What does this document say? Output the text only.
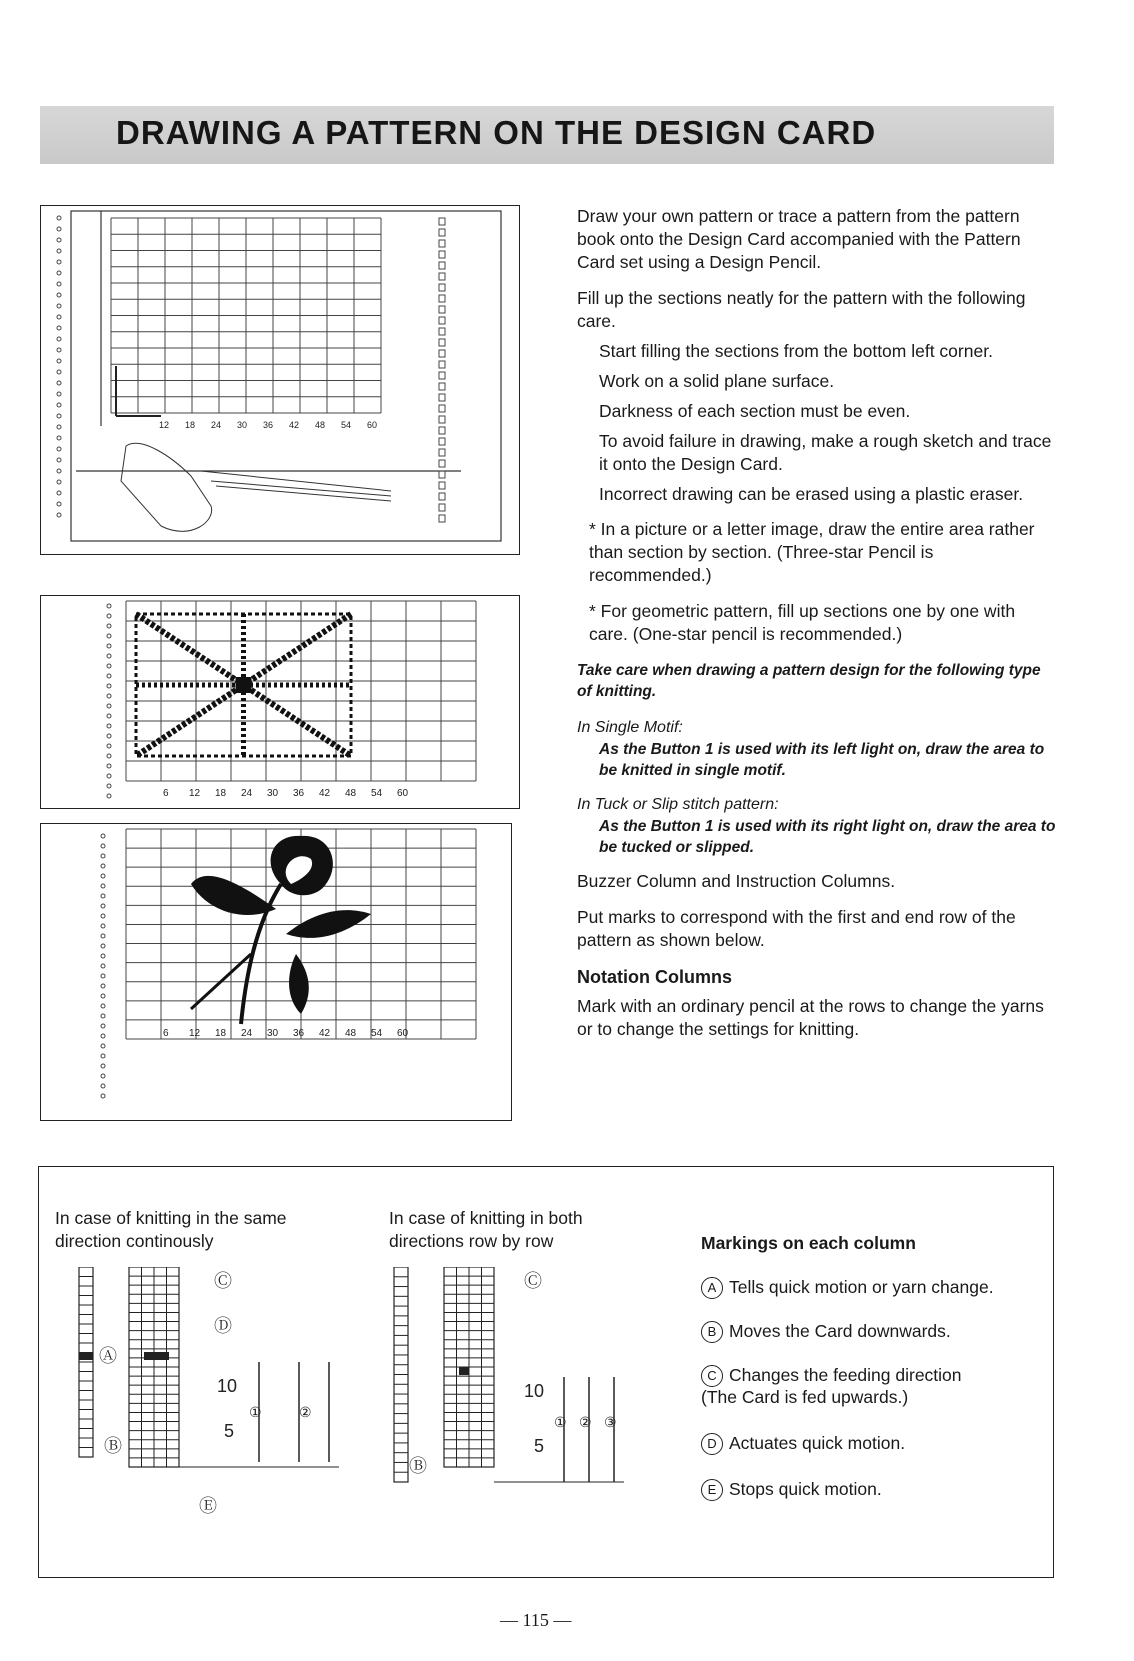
DRAWING A PATTERN ON THE DESIGN CARD
12 18 24 30 36 42 48 54 60
6 12 18 24 30 36 42 48 54 60
6 12 18 24 30 36 42 48 54 60

Draw your own pattern or trace a pattern from the pattern book onto the Design Card accompanied with the Pattern Card set using a Design Pencil.

Fill up the sections neatly for the pattern with the following care.

Start filling the sections from the bottom left corner.

Work on a solid plane surface.

Darkness of each section must be even.

To avoid failure in drawing, make a rough sketch and trace it onto the Design Card.

Incorrect drawing can be erased using a plastic eraser.

* In a picture or a letter image, draw the entire area rather than section by section. (Three-star Pencil is recommended.)

* For geometric pattern, fill up sections one by one with care. (One-star pencil is recommended.)

Take care when drawing a pattern design for the following type of knitting.

In Single Motif:

As the Button 1 is used with its left light on, draw the area to be knitted in single motif.

In Tuck or Slip stitch pattern:

As the Button 1 is used with its right light on, draw the area to be tucked or slipped.

Buzzer Column and Instruction Columns.

Put marks to correspond with the first and end row of the pattern as shown below.

Notation Columns

Mark with an ordinary pencil at the rows to change the yarns or to change the settings for knitting.

In case of knitting in the same direction continously
In case of knitting in both directions row by row
Ⓐ
Ⓑ
Ⓒ
Ⓓ
Ⓔ
10
5
①	②
Ⓒ
Ⓑ
10
5
① ② ③
Markings on each column
A Tells quick motion or yarn change.
B Moves the Card downwards.
C Changes the feeding direction (The Card is fed upwards.)
D Actuates quick motion.
E Stops quick motion.
— 115 —
